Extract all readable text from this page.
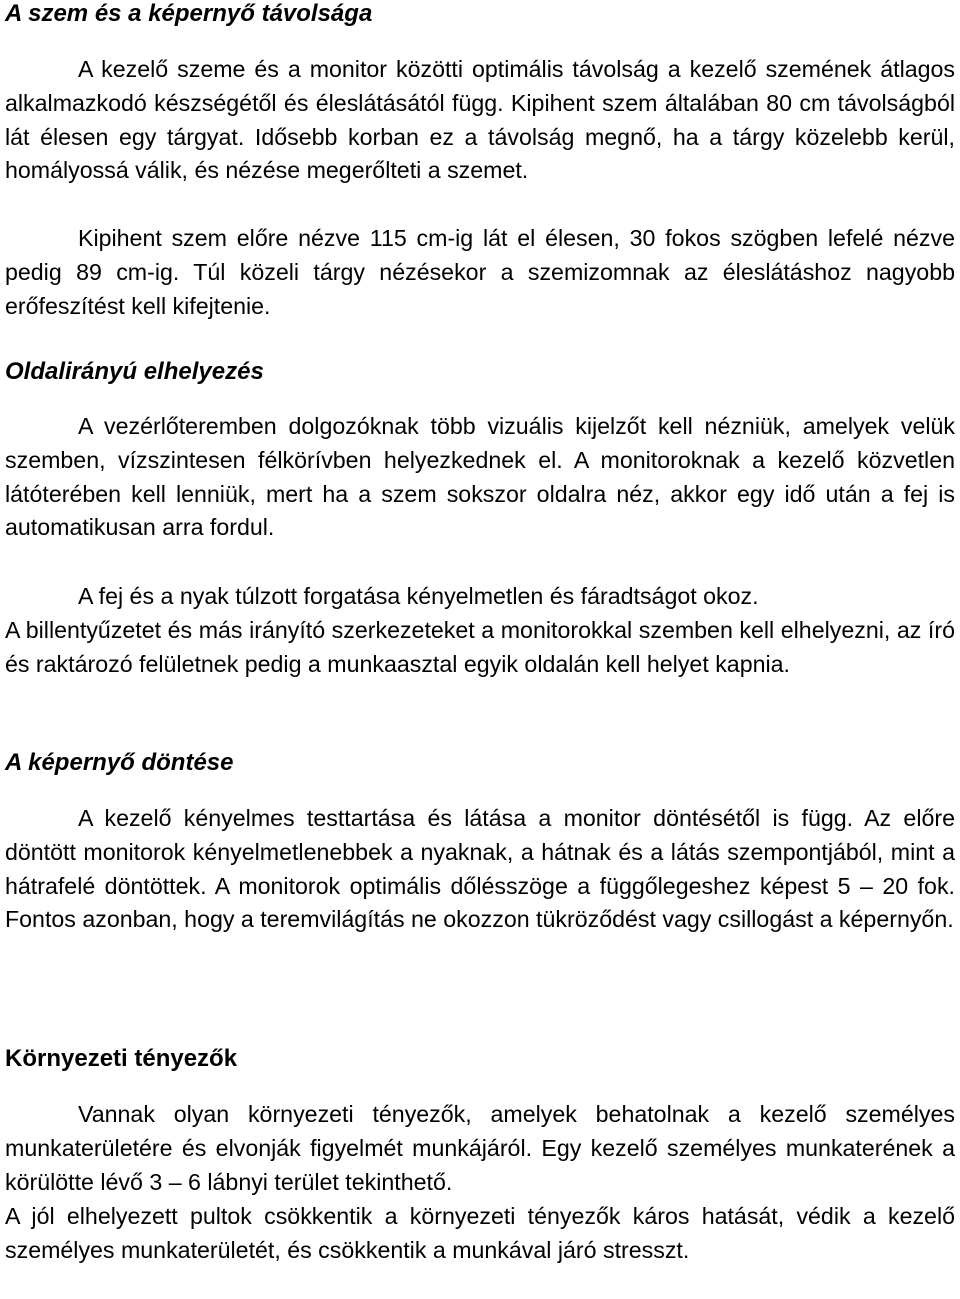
A szem és a képernyő távolsága

A kezelő szeme és a monitor közötti optimális távolság a kezelő szemének átlagos alkalmazkodó készségétől és éleslátásától függ. Kipihent szem általában 80 cm távolságból lát élesen egy tárgyat. Idősebb korban ez a távolság megnő, ha a tárgy közelebb kerül, homályossá válik, és nézése megerőlteti a szemet.

Kipihent szem előre nézve 115 cm-ig lát el élesen, 30 fokos szögben lefelé nézve pedig 89 cm-ig. Túl közeli tárgy nézésekor a szemizomnak az éleslátáshoz nagyobb erőfeszítést kell kifejtenie.

Oldalirányú elhelyezés

A vezérlőteremben dolgozóknak több vizuális kijelzőt kell nézniük, amelyek velük szemben, vízszintesen félkörívben helyezkednek el. A monitoroknak a kezelő közvetlen látóterében kell lenniük, mert ha a szem sokszor oldalra néz, akkor egy idő után a fej is automatikusan arra fordul.

A fej és a nyak túlzott forgatása kényelmetlen és fáradtságot okoz.

A billentyűzetet és más irányító szerkezeteket a monitorokkal szemben kell elhelyezni, az író és raktározó felületnek pedig a munkaasztal egyik oldalán kell helyet kapnia.

A képernyő döntése

A kezelő kényelmes testtartása és látása a monitor döntésétől is függ. Az előre döntött monitorok kényelmetlenebbek a nyaknak, a hátnak és a látás szempontjából, mint a hátrafelé döntöttek. A monitorok optimális dőlésszöge a függőlegeshez képest 5 – 20 fok. Fontos azonban, hogy a teremvilágítás ne okozzon tükröződést vagy csillogást a képernyőn.

Környezeti tényezők

Vannak olyan környezeti tényezők, amelyek behatolnak a kezelő személyes munkaterületére és elvonják figyelmét munkájáról. Egy kezelő személyes munkaterének a körülötte lévő 3 – 6 lábnyi terület tekinthető.

A jól elhelyezett pultok csökkentik a környezeti tényezők káros hatását, védik a kezelő személyes munkaterületét, és csökkentik a munkával járó stresszt.
